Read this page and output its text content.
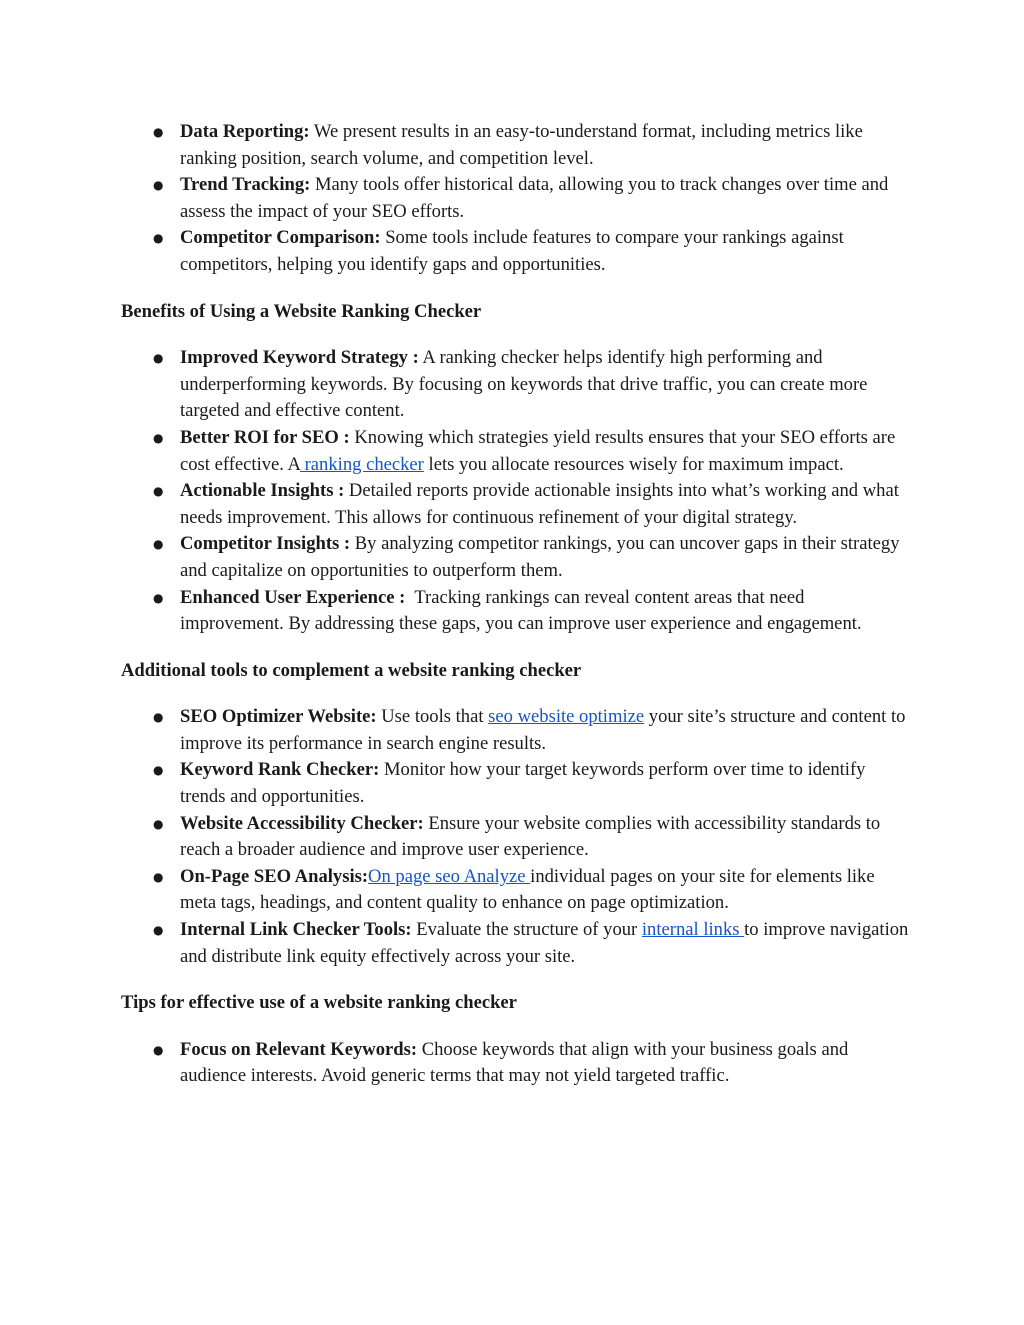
● Data Reporting: We present results in an easy-to-understand format, including metrics like ranking position, search volume, and competition level.
● Trend Tracking: Many tools offer historical data, allowing you to track changes over time and assess the impact of your SEO efforts.
● Competitor Comparison: Some tools include features to compare your rankings against competitors, helping you identify gaps and opportunities.
Benefits of Using a Website Ranking Checker
● Improved Keyword Strategy : A ranking checker helps identify high performing and underperforming keywords. By focusing on keywords that drive traffic, you can create more targeted and effective content.
● Better ROI for SEO : Knowing which strategies yield results ensures that your SEO efforts are cost effective. A ranking checker lets you allocate resources wisely for maximum impact.
● Actionable Insights : Detailed reports provide actionable insights into what’s working and what needs improvement. This allows for continuous refinement of your digital strategy.
● Competitor Insights : By analyzing competitor rankings, you can uncover gaps in their strategy and capitalize on opportunities to outperform them.
● Enhanced User Experience :  Tracking rankings can reveal content areas that need improvement. By addressing these gaps, you can improve user experience and engagement.
Additional tools to complement a website ranking checker
● SEO Optimizer Website: Use tools that seo website optimize your site’s structure and content to improve its performance in search engine results.
● Keyword Rank Checker: Monitor how your target keywords perform over time to identify trends and opportunities.
● Website Accessibility Checker: Ensure your website complies with accessibility standards to reach a broader audience and improve user experience.
● On-Page SEO Analysis:On page seo Analyze individual pages on your site for elements like meta tags, headings, and content quality to enhance on page optimization.
● Internal Link Checker Tools: Evaluate the structure of your internal links to improve navigation and distribute link equity effectively across your site.
Tips for effective use of a website ranking checker
● Focus on Relevant Keywords: Choose keywords that align with your business goals and audience interests. Avoid generic terms that may not yield targeted traffic.
